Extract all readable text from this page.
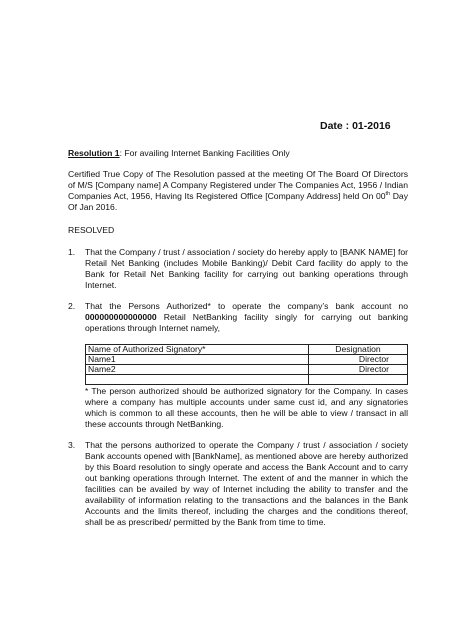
Date : 01-2016

Resolution 1: For availing Internet Banking Facilities Only

Certified True Copy of The Resolution passed at the meeting Of The Board Of Directors of M/S [Company name] A Company Registered under The Companies Act, 1956 / Indian Companies Act, 1956, Having Its Registered Office [Company Address] held On 00th Day Of Jan 2016.

RESOLVED

1. That the Company / trust / association / society do hereby apply to [BANK NAME] for Retail Net Banking (includes Mobile Banking)/ Debit Card facility do apply to the Bank for Retail Net Banking facility for carrying out banking operations through Internet.
2. That the Persons Authorized* to operate the company’s bank account no 000000000000000 Retail NetBanking facility singly for carrying out banking operations through Internet namely,
Name of Authorized Signatory*	Designation
Name1	Director
Name2	Director

* The person authorized should be authorized signatory for the Company. In cases where a company has multiple accounts under same cust id, and any signatories which is common to all these accounts, then he will be able to view / transact in all these accounts through NetBanking.

3. That the persons authorized to operate the Company / trust / association / society Bank accounts opened with [BankName], as mentioned above are hereby authorized by this Board resolution to singly operate and access the Bank Account and to carry out banking operations through Internet. The extent of and the manner in which the facilities can be availed by way of Internet including the ability to transfer and the availability of information relating to the transactions and the balances in the Bank Accounts and the limits thereof, including the charges and the conditions thereof, shall be as prescribed/ permitted by the Bank from time to time.
